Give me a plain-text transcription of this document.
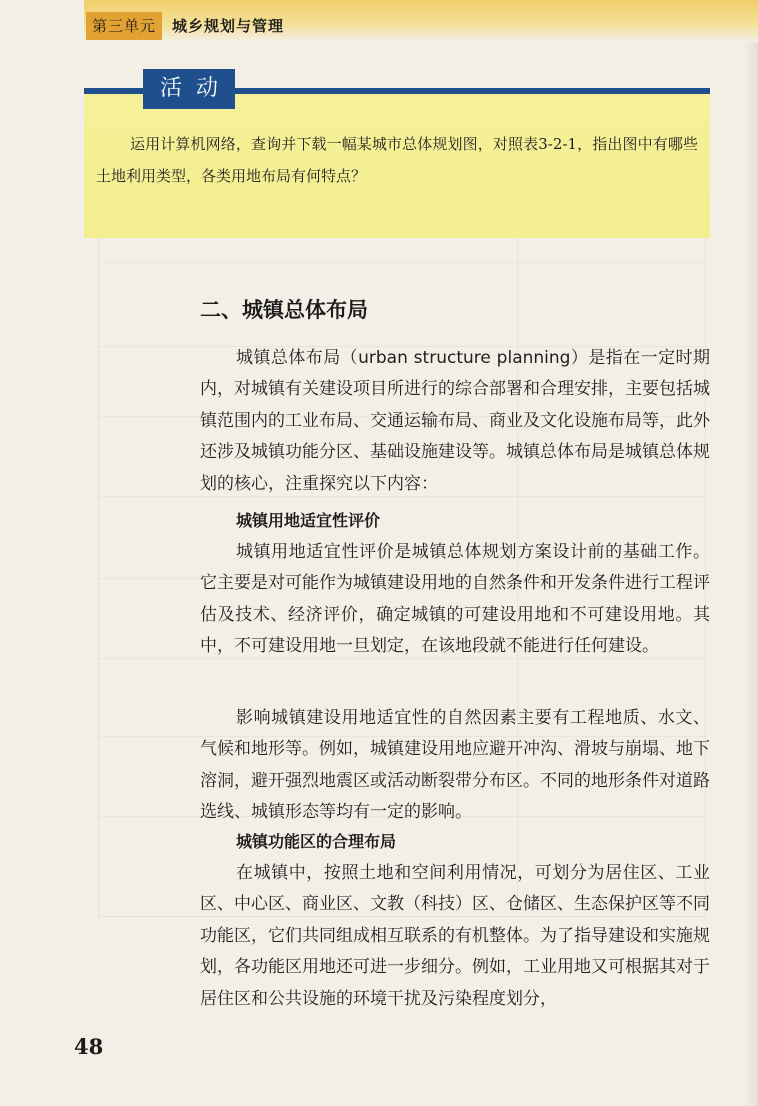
第三单元	城乡规划与管理
活动

运用计算机网络，查询并下载一幅某城市总体规划图，对照表3-2-1，指出图中有哪些土地利用类型，各类用地布局有何特点？

二、城镇总体布局

城镇总体布局（urban structure planning）是指在一定时期内，对城镇有关建设项目所进行的综合部署和合理安排，主要包括城镇范围内的工业布局、交通运输布局、商业及文化设施布局等，此外还涉及城镇功能分区、基础设施建设等。城镇总体布局是城镇总体规划的核心，注重探究以下内容：

城镇用地适宜性评价

城镇用地适宜性评价是城镇总体规划方案设计前的基础工作。它主要是对可能作为城镇建设用地的自然条件和开发条件进行工程评估及技术、经济评价，确定城镇的可建设用地和不可建设用地。其中，不可建设用地一旦划定，在该地段就不能进行任何建设。

影响城镇建设用地适宜性的自然因素主要有工程地质、水文、气候和地形等。例如，城镇建设用地应避开冲沟、滑坡与崩塌、地下溶洞，避开强烈地震区或活动断裂带分布区。不同的地形条件对道路选线、城镇形态等均有一定的影响。

城镇功能区的合理布局

在城镇中，按照土地和空间利用情况，可划分为居住区、工业区、中心区、商业区、文教（科技）区、仓储区、生态保护区等不同功能区，它们共同组成相互联系的有机整体。为了指导建设和实施规划，各功能区用地还可进一步细分。例如，工业用地又可根据其对于居住区和公共设施的环境干扰及污染程度划分，

48
